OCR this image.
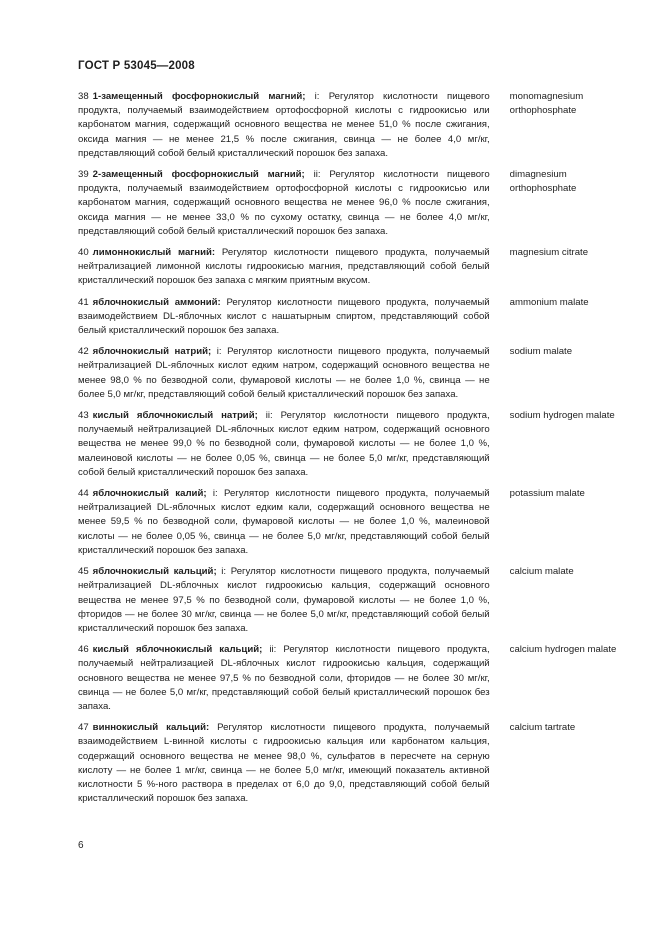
ГОСТ Р 53045—2008
38 1-замещенный фосфорнокислый магний; i: Регулятор кислотности пищевого продукта, получаемый взаимодействием ортофосфорной кислоты с гидроокисью или карбонатом магния, содержащий основного вещества не менее 51,0 % после сжигания, оксида магния — не менее 21,5 % после сжигания, свинца — не более 4,0 мг/кг, представляющий собой белый кристаллический порошок без запаха.
monomagnesium orthophosphate
39 2-замещенный фосфорнокислый магний; ii: Регулятор кислотности пищевого продукта, получаемый взаимодействием ортофосфорной кислоты с гидроокисью или карбонатом магния, содержащий основного вещества не менее 96,0 % после сжигания, оксида магния — не менее 33,0 % по сухому остатку, свинца — не более 4,0 мг/кг, представляющий собой белый кристаллический порошок без запаха.
dimagnesium orthophosphate
40 лимоннокислый магний: Регулятор кислотности пищевого продукта, получаемый нейтрализацией лимонной кислоты гидроокисью магния, представляющий собой белый кристаллический порошок без запаха с мягким приятным вкусом.
magnesium citrate
41 яблочнокислый аммоний: Регулятор кислотности пищевого продукта, получаемый взаимодействием DL-яблочных кислот с нашатырным спиртом, представляющий собой белый кристаллический порошок без запаха.
ammonium malate
42 яблочнокислый натрий; i: Регулятор кислотности пищевого продукта, получаемый нейтрализацией DL-яблочных кислот едким натром, содержащий основного вещества не менее 98,0 % по безводной соли, фумаровой кислоты — не более 1,0 %, свинца — не более 5,0 мг/кг, представляющий собой белый кристаллический порошок без запаха.
sodium malate
43 кислый яблочнокислый натрий; ii: Регулятор кислотности пищевого продукта, получаемый нейтрализацией DL-яблочных кислот едким натром, содержащий основного вещества не менее 99,0 % по безводной соли, фумаровой кислоты — не более 1,0 %, малеиновой кислоты — не более 0,05 %, свинца — не более 5,0 мг/кг, представляющий собой белый кристаллический порошок без запаха.
sodium hydrogen malate
44 яблочнокислый калий; i: Регулятор кислотности пищевого продукта, получаемый нейтрализацией DL-яблочных кислот едким кали, содержащий основного вещества не менее 59,5 % по безводной соли, фумаровой кислоты — не более 1,0 %, малеиновой кислоты — не более 0,05 %, свинца — не более 5,0 мг/кг, представляющий собой белый кристаллический порошок без запаха.
potassium malate
45 яблочнокислый кальций; i: Регулятор кислотности пищевого продукта, получаемый нейтрализацией DL-яблочных кислот гидроокисью кальция, содержащий основного вещества не менее 97,5 % по безводной соли, фумаровой кислоты — не более 1,0 %, фторидов — не более 30 мг/кг, свинца — не более 5,0 мг/кг, представляющий собой белый кристаллический порошок без запаха.
calcium malate
46 кислый яблочнокислый кальций; ii: Регулятор кислотности пищевого продукта, получаемый нейтрализацией DL-яблочных кислот гидроокисью кальция, содержащий основного вещества не менее 97,5 % по безводной соли, фторидов — не более 30 мг/кг, свинца — не более 5,0 мг/кг, представляющий собой белый кристаллический порошок без запаха.
calcium hydrogen malate
47 виннокислый кальций: Регулятор кислотности пищевого продукта, получаемый взаимодействием L-винной кислоты с гидроокисью кальция или карбонатом кальция, содержащий основного вещества не менее 98,0 %, сульфатов в пересчете на серную кислоту — не более 1 мг/кг, свинца — не более 5,0 мг/кг, имеющий показатель активной кислотности 5 %-ного раствора в пределах от 6,0 до 9,0, представляющий собой белый кристаллический порошок без запаха.
calcium tartrate
6
